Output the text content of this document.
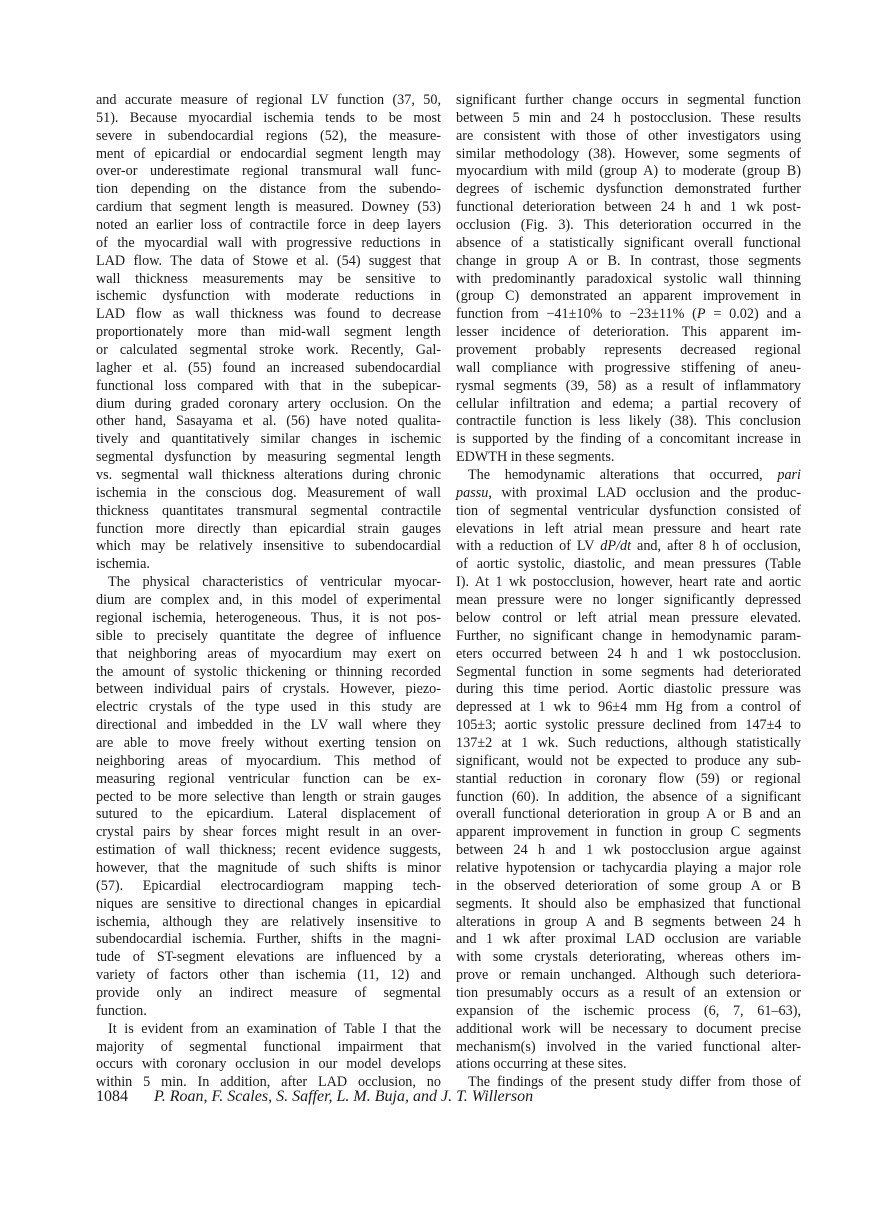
and accurate measure of regional LV function (37, 50,
51). Because myocardial ischemia tends to be most
severe in subendocardial regions (52), the measure-
ment of epicardial or endocardial segment length may
over-or underestimate regional transmural wall func-
tion depending on the distance from the subendo-
cardium that segment length is measured. Downey (53)
noted an earlier loss of contractile force in deep layers
of the myocardial wall with progressive reductions in
LAD flow. The data of Stowe et al. (54) suggest that
wall thickness measurements may be sensitive to
ischemic dysfunction with moderate reductions in
LAD flow as wall thickness was found to decrease
proportionately more than mid-wall segment length
or calculated segmental stroke work. Recently, Gal-
lagher et al. (55) found an increased subendocardial
functional loss compared with that in the subepicar-
dium during graded coronary artery occlusion. On the
other hand, Sasayama et al. (56) have noted qualita-
tively and quantitatively similar changes in ischemic
segmental dysfunction by measuring segmental length
vs. segmental wall thickness alterations during chronic
ischemia in the conscious dog. Measurement of wall
thickness quantitates transmural segmental contractile
function more directly than epicardial strain gauges
which may be relatively insensitive to subendocardial
ischemia.
The physical characteristics of ventricular myocar-
dium are complex and, in this model of experimental
regional ischemia, heterogeneous. Thus, it is not pos-
sible to precisely quantitate the degree of influence
that neighboring areas of myocardium may exert on
the amount of systolic thickening or thinning recorded
between individual pairs of crystals. However, piezo-
electric crystals of the type used in this study are
directional and imbedded in the LV wall where they
are able to move freely without exerting tension on
neighboring areas of myocardium. This method of
measuring regional ventricular function can be ex-
pected to be more selective than length or strain gauges
sutured to the epicardium. Lateral displacement of
crystal pairs by shear forces might result in an over-
estimation of wall thickness; recent evidence suggests,
however, that the magnitude of such shifts is minor
(57). Epicardial electrocardiogram mapping tech-
niques are sensitive to directional changes in epicardial
ischemia, although they are relatively insensitive to
subendocardial ischemia. Further, shifts in the magni-
tude of ST-segment elevations are influenced by a
variety of factors other than ischemia (11, 12) and
provide only an indirect measure of segmental
function.
It is evident from an examination of Table I that the
majority of segmental functional impairment that
occurs with coronary occlusion in our model develops
within 5 min. In addition, after LAD occlusion, no
significant further change occurs in segmental function
between 5 min and 24 h postocclusion. These results
are consistent with those of other investigators using
similar methodology (38). However, some segments of
myocardium with mild (group A) to moderate (group B)
degrees of ischemic dysfunction demonstrated further
functional deterioration between 24 h and 1 wk post-
occlusion (Fig. 3). This deterioration occurred in the
absence of a statistically significant overall functional
change in group A or B. In contrast, those segments
with predominantly paradoxical systolic wall thinning
(group C) demonstrated an apparent improvement in
function from −41±10% to −23±11% (P = 0.02) and a
lesser incidence of deterioration. This apparent im-
provement probably represents decreased regional
wall compliance with progressive stiffening of aneu-
rysmal segments (39, 58) as a result of inflammatory
cellular infiltration and edema; a partial recovery of
contractile function is less likely (38). This conclusion
is supported by the finding of a concomitant increase in
EDWTH in these segments.
The hemodynamic alterations that occurred, pari
passu, with proximal LAD occlusion and the produc-
tion of segmental ventricular dysfunction consisted of
elevations in left atrial mean pressure and heart rate
with a reduction of LV dP/dt and, after 8 h of occlusion,
of aortic systolic, diastolic, and mean pressures (Table
I). At 1 wk postocclusion, however, heart rate and aortic
mean pressure were no longer significantly depressed
below control or left atrial mean pressure elevated.
Further, no significant change in hemodynamic param-
eters occurred between 24 h and 1 wk postocclusion.
Segmental function in some segments had deteriorated
during this time period. Aortic diastolic pressure was
depressed at 1 wk to 96±4 mm Hg from a control of
105±3; aortic systolic pressure declined from 147±4 to
137±2 at 1 wk. Such reductions, although statistically
significant, would not be expected to produce any sub-
stantial reduction in coronary flow (59) or regional
function (60). In addition, the absence of a significant
overall functional deterioration in group A or B and an
apparent improvement in function in group C segments
between 24 h and 1 wk postocclusion argue against
relative hypotension or tachycardia playing a major role
in the observed deterioration of some group A or B
segments. It should also be emphasized that functional
alterations in group A and B segments between 24 h
and 1 wk after proximal LAD occlusion are variable
with some crystals deteriorating, whereas others im-
prove or remain unchanged. Although such deteriora-
tion presumably occurs as a result of an extension or
expansion of the ischemic process (6, 7, 61–63),
additional work will be necessary to document precise
mechanism(s) involved in the varied functional alter-
ations occurring at these sites.
The findings of the present study differ from those of
1084 P. Roan, F. Scales, S. Saffer, L. M. Buja, and J. T. Willerson
